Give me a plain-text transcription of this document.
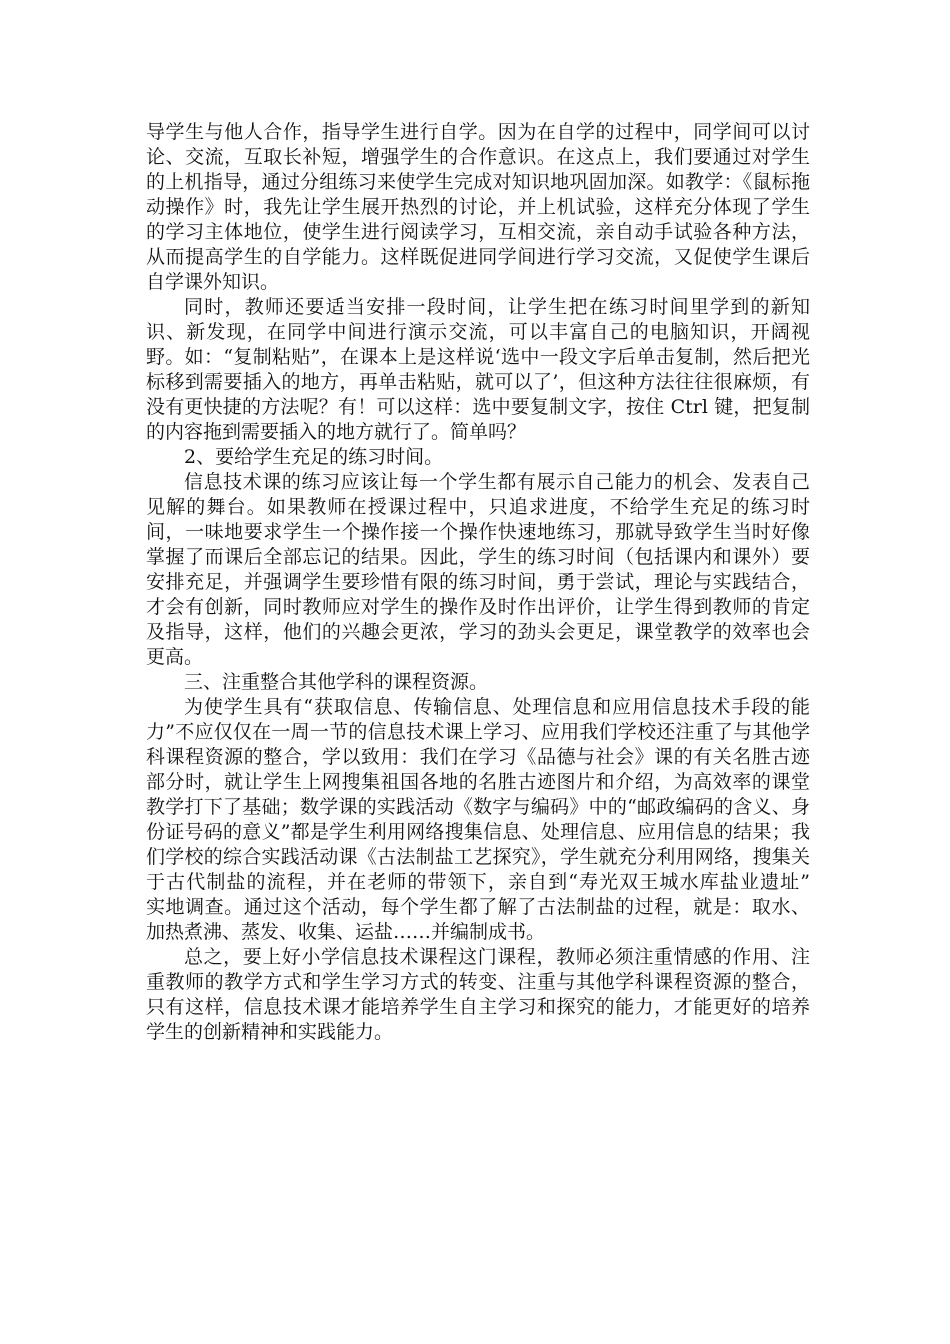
导学生与他人合作，指导学生进行自学。因为在自学的过程中，同学间可以讨论、交流，互取长补短，增强学生的合作意识。在这点上，我们要通过对学生的上机指导，通过分组练习来使学生完成对知识地巩固加深。如教学：《鼠标拖动操作》时，我先让学生展开热烈的讨论，并上机试验，这样充分体现了学生的学习主体地位，使学生进行阅读学习，互相交流，亲自动手试验各种方法，从而提高学生的自学能力。这样既促进同学间进行学习交流，又促使学生课后自学课外知识。

同时，教师还要适当安排一段时间，让学生把在练习时间里学到的新知识、新发现，在同学中间进行演示交流，可以丰富自己的电脑知识，开阔视野。如：“复制粘贴”，在课本上是这样说‘选中一段文字后单击复制，然后把光标移到需要插入的地方，再单击粘贴，就可以了’，但这种方法往往很麻烦，有没有更快捷的方法呢？有！可以这样：选中要复制文字，按住 Ctrl 键，把复制的内容拖到需要插入的地方就行了。简单吗？

2、要给学生充足的练习时间。

信息技术课的练习应该让每一个学生都有展示自己能力的机会、发表自己见解的舞台。如果教师在授课过程中，只追求进度，不给学生充足的练习时间，一味地要求学生一个操作接一个操作快速地练习，那就导致学生当时好像掌握了而课后全部忘记的结果。因此，学生的练习时间（包括课内和课外）要安排充足，并强调学生要珍惜有限的练习时间，勇于尝试，理论与实践结合，才会有创新，同时教师应对学生的操作及时作出评价，让学生得到教师的肯定及指导，这样，他们的兴趣会更浓，学习的劲头会更足，课堂教学的效率也会更高。

三、注重整合其他学科的课程资源。

为使学生具有“获取信息、传输信息、处理信息和应用信息技术手段的能力”不应仅仅在一周一节的信息技术课上学习、应用我们学校还注重了与其他学科课程资源的整合，学以致用：我们在学习《品德与社会》课的有关名胜古迹部分时，就让学生上网搜集祖国各地的名胜古迹图片和介绍，为高效率的课堂教学打下了基础；数学课的实践活动《数字与编码》中的“邮政编码的含义、身份证号码的意义”都是学生利用网络搜集信息、处理信息、应用信息的结果；我们学校的综合实践活动课《古法制盐工艺探究》，学生就充分利用网络，搜集关于古代制盐的流程，并在老师的带领下，亲自到“寿光双王城水库盐业遗址”　实地调查。通过这个活动，每个学生都了解了古法制盐的过程，就是：取水、加热煮沸、蒸发、收集、运盐……并编制成书。

总之，要上好小学信息技术课程这门课程，教师必须注重情感的作用、注重教师的教学方式和学生学习方式的转变、注重与其他学科课程资源的整合，只有这样，信息技术课才能培养学生自主学习和探究的能力，才能更好的培养学生的创新精神和实践能力。
